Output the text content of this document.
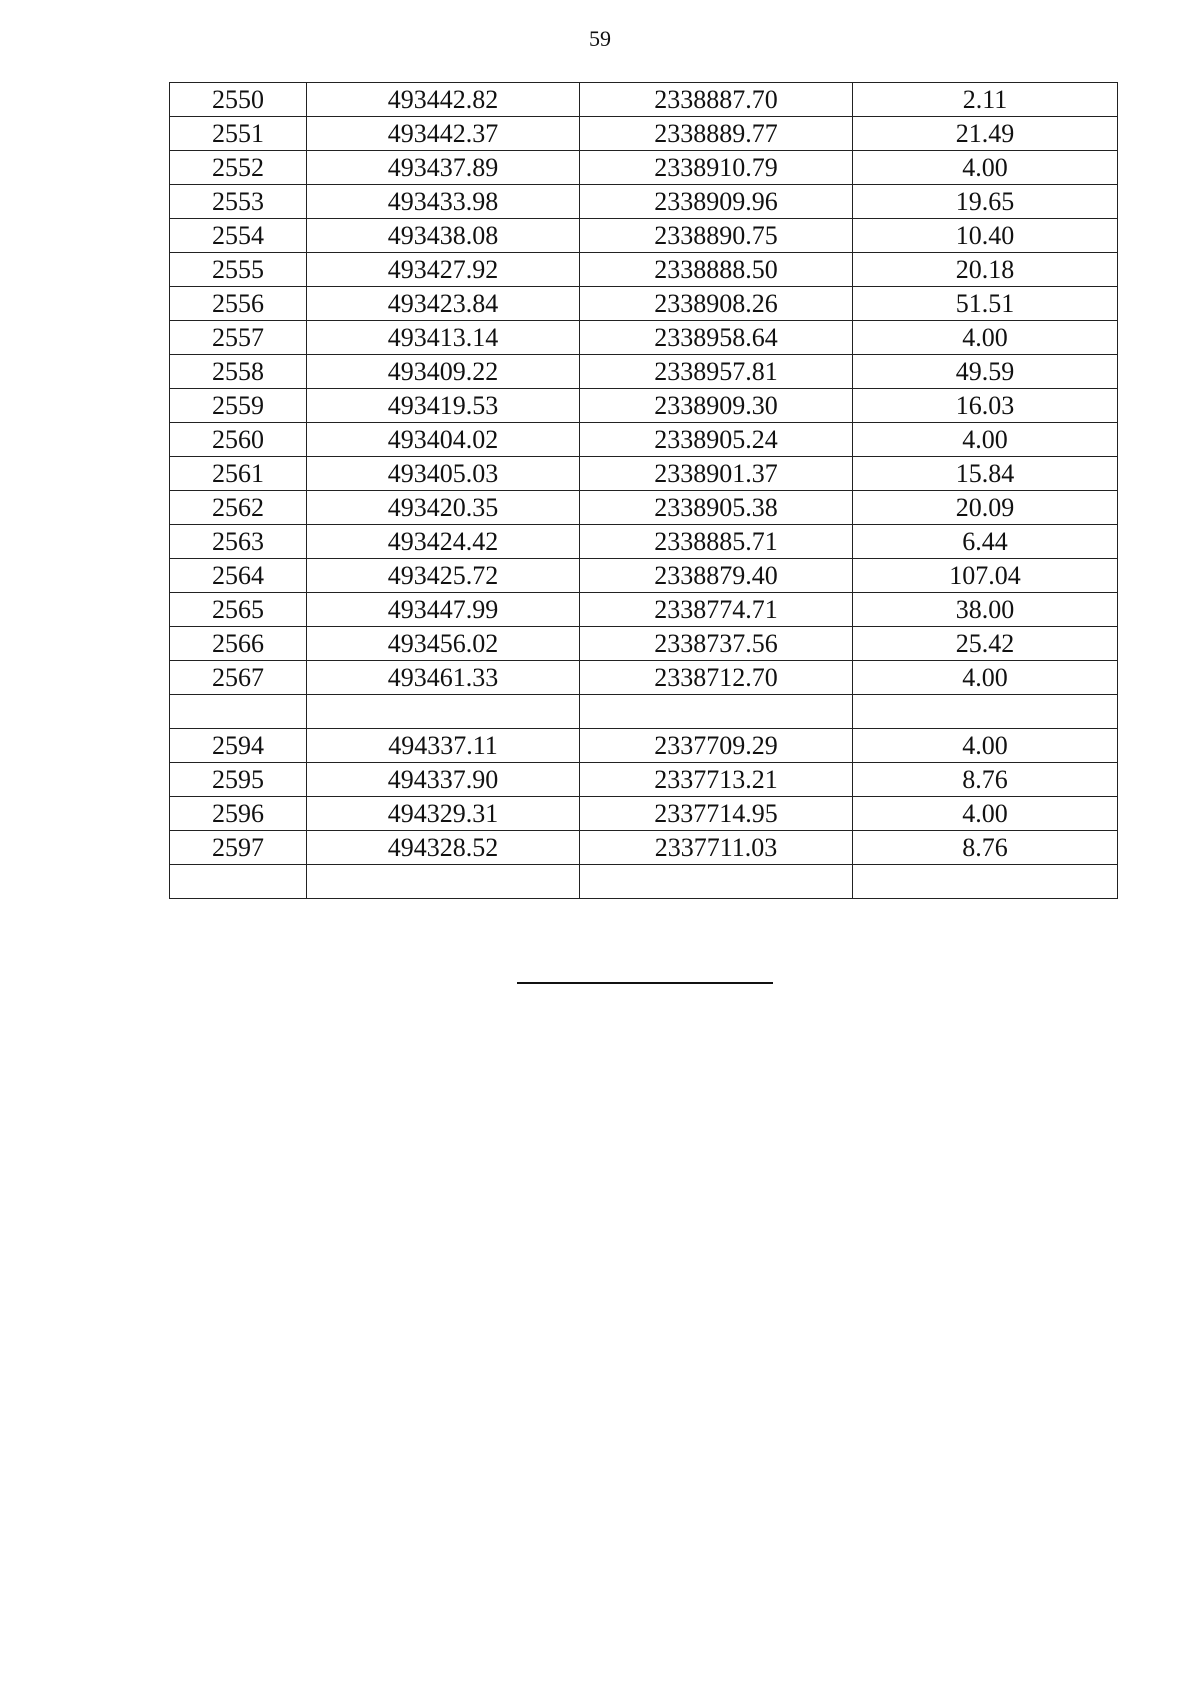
59
2550	493442.82	2338887.70	2.11
2551	493442.37	2338889.77	21.49
2552	493437.89	2338910.79	4.00
2553	493433.98	2338909.96	19.65
2554	493438.08	2338890.75	10.40
2555	493427.92	2338888.50	20.18
2556	493423.84	2338908.26	51.51
2557	493413.14	2338958.64	4.00
2558	493409.22	2338957.81	49.59
2559	493419.53	2338909.30	16.03
2560	493404.02	2338905.24	4.00
2561	493405.03	2338901.37	15.84
2562	493420.35	2338905.38	20.09
2563	493424.42	2338885.71	6.44
2564	493425.72	2338879.40	107.04
2565	493447.99	2338774.71	38.00
2566	493456.02	2338737.56	25.42
2567	493461.33	2338712.70	4.00

2594	494337.11	2337709.29	4.00
2595	494337.90	2337713.21	8.76
2596	494329.31	2337714.95	4.00
2597	494328.52	2337711.03	8.76
